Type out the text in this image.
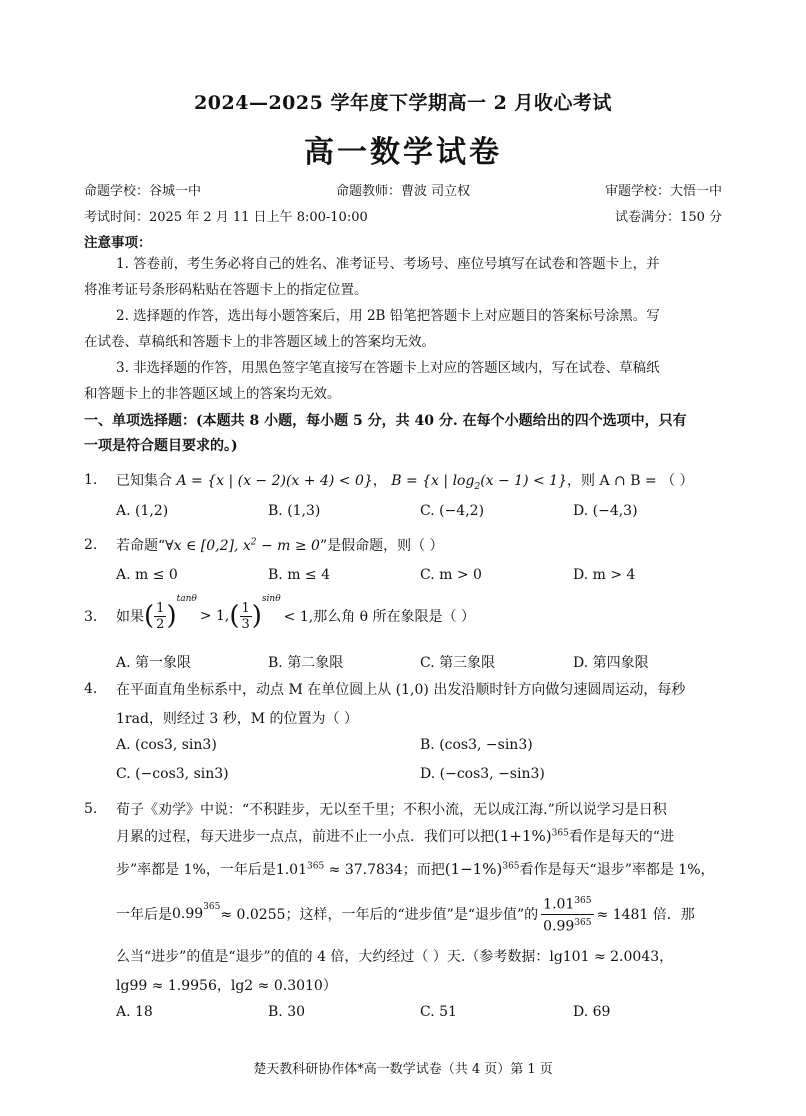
2024—2025 学年度下学期高一 2 月收心考试
高一数学试卷
命题学校：谷城一中	命题教师：曹波 司立权	审题学校：大悟一中
考试时间：2025 年 2 月 11 日上午 8:00-10:00	试卷满分：150 分
注意事项：
1. 答卷前，考生务必将自己的姓名、准考证号、考场号、座位号填写在试卷和答题卡上，并
将准考证号条形码粘贴在答题卡上的指定位置。
2. 选择题的作答，选出每小题答案后，用 2B 铅笔把答题卡上对应题目的答案标号涂黑。写
在试卷、草稿纸和答题卡上的非答题区域上的答案均无效。
3. 非选择题的作答，用黑色签字笔直接写在答题卡上对应的答题区域内，写在试卷、草稿纸
和答题卡上的非答题区域上的答案均无效。
一、单项选择题：(本题共 8 小题，每小题 5 分，共 40 分. 在每个小题给出的四个选项中，只有
一项是符合题目要求的。)
1. 已知集合 A = {x | (x − 2)(x + 4) < 0}， B = {x | $\log_2(x - 1) < 1$}，则 A ∩ B = （ ）
A. (1,2)	B. (1,3)	C. (−4,2)	D. (−4,3)
2. 若命题“∀x ∈ [0,2], $x^2 - m \ge 0$”是假命题，则（ ）
A. m ≤ 0	B. m ≤ 4	C. m > 0	D. m > 4
3. 如果 ( $\frac{1}{2}$ )
$^{tan\theta}$
> 1, ( $\frac{1}{3}$ )
$^{sin\theta}$
< 1,那么角 θ 所在象限是（ ）
A. 第一象限	B. 第二象限	C. 第三象限	D. 第四象限
4. 在平面直角坐标系中，动点 M 在单位圆上从 (1,0) 出发沿顺时针方向做匀速圆周运动，每秒
1rad，则经过 3 秒，M 的位置为（ ）
A. (cos3, sin3)	B. (cos3, −sin3)
C. (−cos3, sin3)	D. (−cos3, −sin3)
5. 荀子《劝学》中说：“不积跬步，无以至千里；不积小流，无以成江海.”所以说学习是日积
月累的过程，每天进步一点点，前进不止一小点．我们可以把$(1+1\%)^{365}$看作是每天的“进
步”率都是 1%，一年后是$1.01^{365} \approx 37.7834$；而把$(1-1\%)^{365}$看作是每天“退步”率都是 1%，
一年后是 $0.99^{365} \approx 0.0255$；这样，一年后的“进步值”是“退步值”的 $\frac{1.01^{365}}{0.99^{365}} \approx 1481$ 倍．那
么当“进步”的值是“退步”的值的 4 倍，大约经过（ ）天.（参考数据：lg101 ≈ 2.0043，
lg99 ≈ 1.9956，lg2 ≈ 0.3010）
A. 18	B. 30	C. 51	D. 69
楚天教科研协作体*高一数学试卷（共 4 页）第 1 页
